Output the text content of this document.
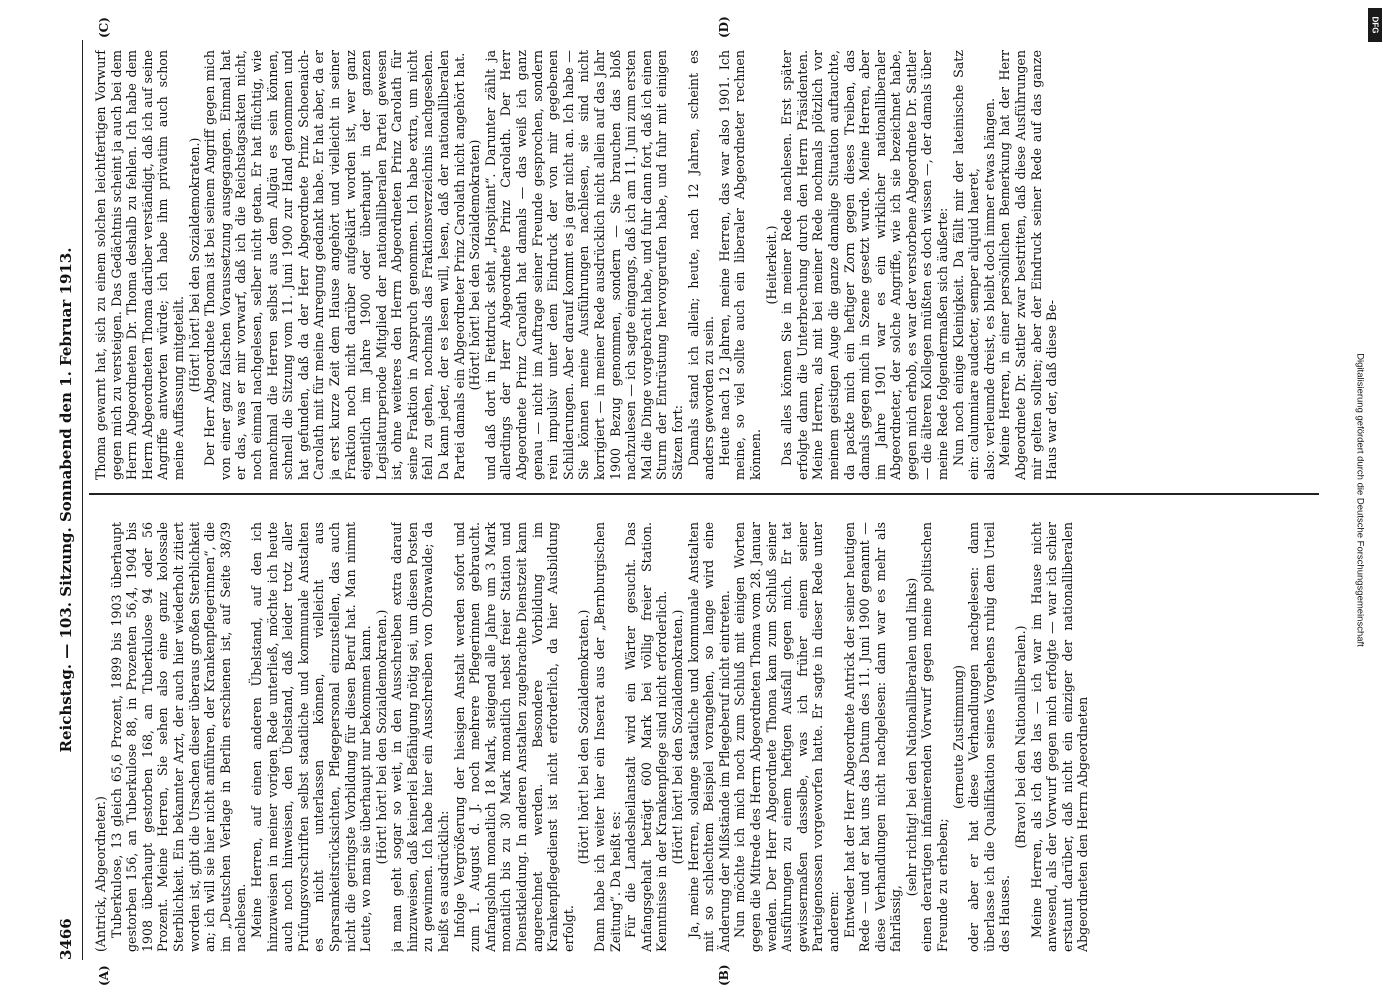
3466
Reichstag. — 103. Sitzung. Sonnabend den 1. Februar 1913.
(A)	(B)
(C)	(D)

(Antrick, Abgeordneter.) Tuberkulose, 13 gleich 65,6 Prozent, 1899 bis 1903 überhaupt gestorben 156, an Tuberkulose 88, in Prozenten 56,4, 1904 bis 1908 überhaupt gestorben 168, an Tuberkulose 94 oder 56 Prozent. Meine Herren, Sie sehen also eine ganz kolossale Sterblichkeit. Ein bekannter Arzt, der auch hier wiederholt zitiert worden ist, gibt die Ursachen dieser überaus großen Sterblichkeit an; ich will sie hier nicht anführen, der Krankenpflegerinnen“, die im „Deutschen Verlage in Berlin erschienen ist, auf Seite 38/39 nachlesen. Meine Herren, auf einen anderen Übelstand, auf den ich hinzuweisen in meiner vorigen Rede unterließ, möchte ich heute auch noch hinweisen, den Übelstand, daß leider trotz aller Prüfungsvorschriften selbst staatliche und kommunale Anstalten es nicht unterlassen können, vielleicht aus Sparsamkeitsrücksichten, Pflegepersonal einzustellen, das auch nicht die geringste Vorbildung für diesen Beruf hat. Man nimmt Leute, wo man sie überhaupt nur bekommen kann. (Hört! hört! bei den Sozialdemokraten.) ja man geht sogar so weit, in den Ausschreiben extra darauf hinzuweisen, daß keinerlei Befähigung nötig sei, um diesen Posten zu gewinnen. Ich habe hier ein Ausschreiben von Obrawalde; da heißt es ausdrücklich: Infolge Vergrößerung der hiesigen Anstalt werden sofort und zum 1. August d. J. noch mehrere Pflegerinnen gebraucht. Anfangslohn monatlich 18 Mark, steigend alle Jahre um 3 Mark monatlich bis zu 30 Mark monatlich nebst freier Station und Dienstkleidung. In anderen Anstalten zugebrachte Dienstzeit kann angerechnet werden. Besondere Vorbildung im Krankenpflegedienst ist nicht erforderlich, da hier Ausbildung erfolgt.

(Hört! hört! bei den Sozialdemokraten.) Dann habe ich weiter hier ein Inserat aus der „Bernburgischen Zeitung“. Da heißt es: Für die Landesheilanstalt wird ein Wärter gesucht. Das Anfangsgehalt beträgt 600 Mark bei völlig freier Station. Kenntnisse in der Krankenpflege sind nicht erforderlich. (Hört! hört! bei den Sozialdemokraten.) Ja, meine Herren, solange staatliche und kommunale Anstalten mit so schlechtem Beispiel vorangehen, so lange wird eine Änderung der Mißstände im Pflegeberuf nicht eintreten. Nun möchte ich mich noch zum Schluß mit einigen Worten gegen die Mitrede des Herrn Abgeordneten Thoma vom 28. Januar wenden. Der Herr Abgeordnete Thoma kam zum Schluß seiner Ausführungen zu einem heftigen Ausfall gegen mich. Er tat gewissermaßen dasselbe, was ich früher einem seiner Parteigenossen vorgeworfen hatte. Er sagte in dieser Rede unter anderem: Entweder hat der Herr Abgeordnete Antrick der seiner heutigen Rede — und er hat uns das Datum des 11. Juni 1900 genannt — diese Verhandlungen nicht nachgelesen: dann war es mehr als fahrlässig,

(sehr richtig! bei den Nationalliberalen und links) einen derartigen infamierenden Vorwurf gegen meine politischen Freunde zu erheben;

(erneute Zustimmung) oder aber er hat diese Verhandlungen nachgelesen: dann überlasse ich die Qualifikation seines Vorgehens ruhig dem Urteil des Hauses.

(Bravo! bei den Nationalliberalen.) Meine Herren, als ich das las — ich war im Hause nicht anwesend, als der Vorwurf gegen mich erfolgte — war ich schier erstaunt darüber, daß nicht ein einziger der nationalliberalen Abgeordneten den Herrn Abgeordneten

Thoma gewarnt hat, sich zu einem solchen leichtfertigen Vorwurf gegen mich zu versteigen. Das Gedächtnis scheint ja auch bei dem Herrn Abgeordneten Dr. Thoma deshalb zu fehlen. Ich habe dem Herrn Abgeordneten Thoma darüber verständigt, daß ich auf seine Angriffe antworten würde; ich habe ihm privatim auch schon meine Auffassung mitgeteilt. (Hört! hört! bei den Sozialdemokraten.) Der Herr Abgeordnete Thoma ist bei seinem Angriff gegen mich von einer ganz falschen Voraussetzung ausgegangen. Einmal hat er das, was er mir vorwarf, daß ich die Reichstagsakten nicht, noch einmal nachgelesen, selber nicht getan. Er hat flüchtig, wie manchmal die Herren selbst aus dem Allgäu es sein können, schnell die Sitzung vom 11. Juni 1900 zur Hand genommen und hat gefunden, daß da der Herr Abgeordnete Prinz Schoenaich-Carolath mit für meine Anregung gedankt habe. Er hat aber, da er ja erst kurze Zeit dem Hause angehört und vielleicht in seiner Fraktion noch nicht darüber aufgeklärt worden ist, wer ganz eigentlich im Jahre 1900 oder überhaupt in der ganzen Legislaturperiode Mitglied der nationalliberalen Partei gewesen ist, ohne weiteres den Herrn Abgeordneten Prinz Carolath für seine Fraktion in Anspruch genommen. Ich habe extra, um nicht fehl zu gehen, nochmals das Fraktionsverzeichnis nachgesehen. Da kann jeder, der es lesen will, lesen, daß der nationalliberalen Partei damals ein Abgeordneter Prinz Carolath nicht angehört hat. (Hört! hört! bei den Sozialdemokraten) und daß dort in Fettdruck steht „Hospitant“. Darunter zählt ja allerdings der Herr Abgeordnete Prinz Carolath. Der Herr Abgeordnete Prinz Carolath hat damals — das weiß ich ganz genau — nicht im Auftrage seiner Freunde gesprochen, sondern rein impulsiv unter dem Eindruck der von mir gegebenen Schilderungen. Aber darauf kommt es ja gar nicht an. Ich habe — Sie können meine Ausführungen nachlesen, sie sind nicht korrigiert — in meiner Rede ausdrücklich nicht allein auf das Jahr 1900 Bezug genommen, sondern — Sie brauchen das bloß nachzulesen — ich sagte eingangs, daß ich am 11. Juni zum ersten Mal die Dinge vorgebracht habe, und fuhr dann fort, daß ich einen Sturm der Entrüstung hervorgerufen habe, und fuhr mit einigen Sätzen fort: Damals stand ich allein; heute, nach 12 Jahren, scheint es anders geworden zu sein. Heute nach 12 Jahren, meine Herren, das war also 1901. Ich meine, so viel sollte auch ein liberaler Abgeordneter rechnen können.

(Heiterkeit.) Das alles können Sie in meiner Rede nachlesen. Erst später erfolgte dann die Unterbrechung durch den Herrn Präsidenten. Meine Herren, als mit bei meiner Rede nochmals plötzlich vor meinem geistigen Auge die ganze damalige Situation auftauchte, da packte mich ein heftiger Zorn gegen dieses Treiben, das damals gegen mich in Szene gesetzt wurde. Meine Herren, aber im Jahre 1901 war es ein wirklicher nationalliberaler Abgeordneter, der solche Angriffe, wie ich sie bezeichnet habe, gegen mich erhob, es war der verstorbene Abgeordnete Dr. Sattler — die älteren Kollegen müßten es doch wissen —, der damals über meine Rede folgendermaßen sich äußerte: Nun noch einige Kleinigkeit. Da fällt mir der lateinische Satz ein: calumniare audacter, semper aliquid haeret, also: verleumde dreist, es bleibt doch immer etwas hängen. Meine Herren, in einer persönlichen Bemerkung hat der Herr Abgeordnete Dr. Sattler zwar bestritten, daß diese Ausführungen mir gelten sollten; aber der Eindruck seiner Rede auf das ganze Haus war der, daß diese Be-	Digitalisierung gefördert durch die Deutsche Forschungsgemeinschaft
DFG
